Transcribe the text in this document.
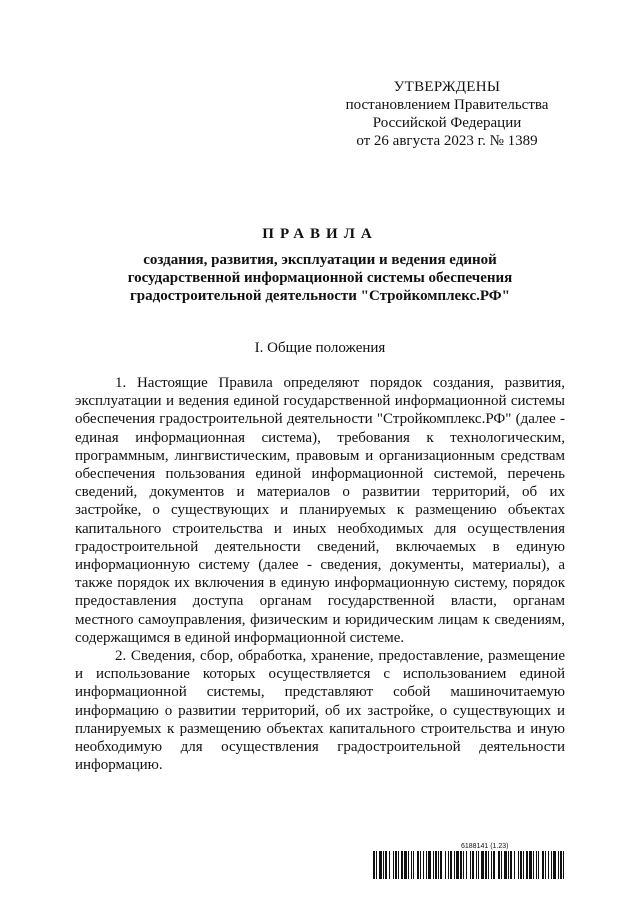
УТВЕРЖДЕНЫ
постановлением Правительства
Российской Федерации
от 26 августа 2023 г. № 1389
ПРАВИЛА
создания, развития, эксплуатации и ведения единой
государственной информационной системы обеспечения
градостроительной деятельности "Стройкомплекс.РФ"
I. Общие положения

1. Настоящие Правила определяют порядок создания, развития, эксплуатации и ведения единой государственной информационной системы обеспечения градостроительной деятельности "Стройкомплекс.РФ" (далее - единая информационная система), требования к технологическим, программным, лингвистическим, правовым и организационным средствам обеспечения пользования единой информационной системой, перечень сведений, документов и материалов о развитии территорий, об их застройке, о существующих и планируемых к размещению объектах капитального строительства и иных необходимых для осуществления градостроительной деятельности сведений, включаемых в единую информационную систему (далее - сведения, документы, материалы), а также порядок их включения в единую информационную систему, порядок предоставления доступа органам государственной власти, органам местного самоуправления, физическим и юридическим лицам к сведениям, содержащимся в единой информационной системе.

2. Сведения, сбор, обработка, хранение, предоставление, размещение и использование которых осуществляется с использованием единой информационной системы, представляют собой машиночитаемую информацию о развитии территорий, об их застройке, о существующих и планируемых к размещению объектах капитального строительства и иную необходимую для осуществления градостроительной деятельности информацию.

6188141 (1.23)
